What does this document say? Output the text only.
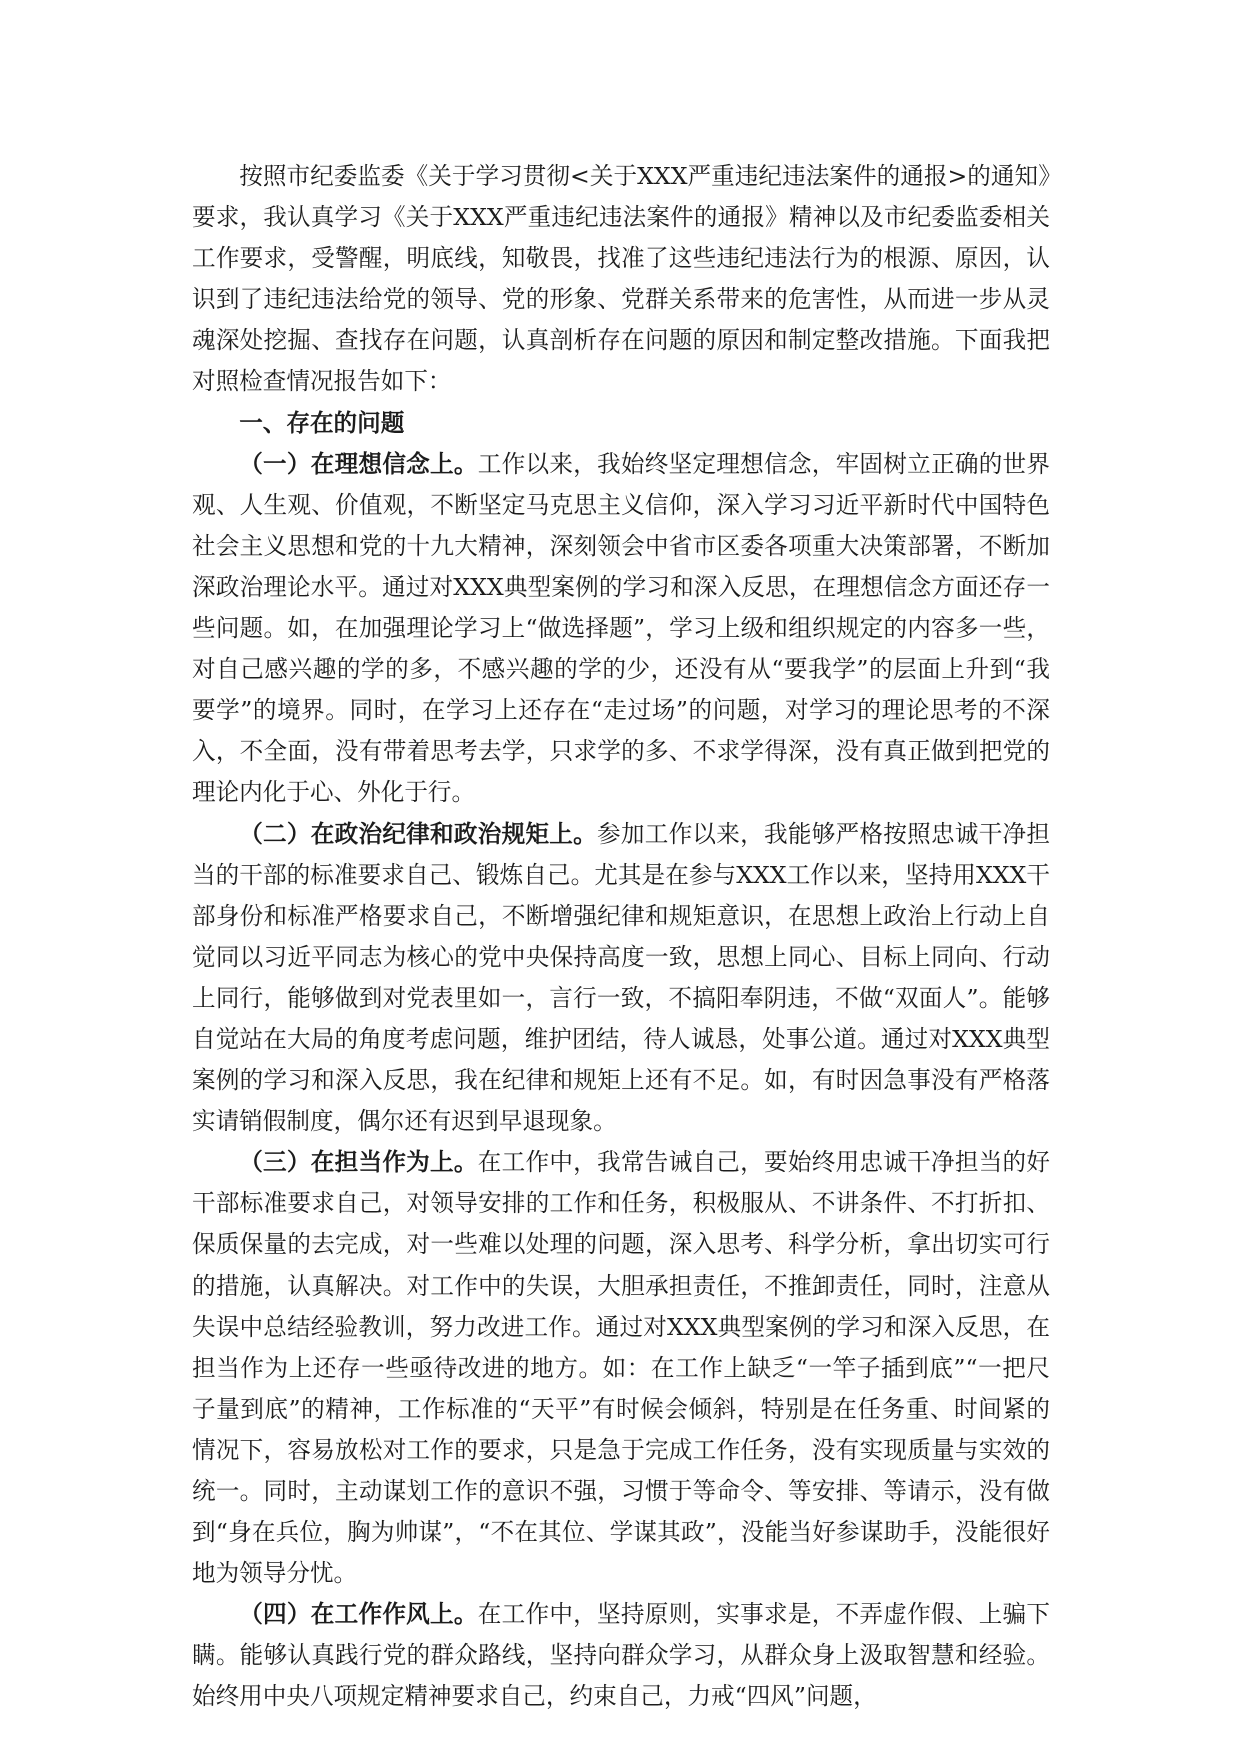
按照市纪委监委《关于学习贯彻<关于XXX严重违纪违法案件的通报>的通知》要求，我认真学习《关于XXX严重违纪违法案件的通报》精神以及市纪委监委相关工作要求，受警醒，明底线，知敬畏，找准了这些违纪违法行为的根源、原因，认识到了违纪违法给党的领导、党的形象、党群关系带来的危害性，从而进一步从灵魂深处挖掘、查找存在问题，认真剖析存在问题的原因和制定整改措施。下面我把对照检查情况报告如下：

一、存在的问题

（一）在理想信念上。工作以来，我始终坚定理想信念，牢固树立正确的世界观、人生观、价值观，不断坚定马克思主义信仰，深入学习习近平新时代中国特色社会主义思想和党的十九大精神，深刻领会中省市区委各项重大决策部署，不断加深政治理论水平。通过对XXX典型案例的学习和深入反思，在理想信念方面还存一些问题。如，在加强理论学习上“做选择题”，学习上级和组织规定的内容多一些，对自己感兴趣的学的多，不感兴趣的学的少，还没有从“要我学”的层面上升到“我要学”的境界。同时，在学习上还存在“走过场”的问题，对学习的理论思考的不深入，不全面，没有带着思考去学，只求学的多、不求学得深，没有真正做到把党的理论内化于心、外化于行。

（二）在政治纪律和政治规矩上。参加工作以来，我能够严格按照忠诚干净担当的干部的标准要求自己、锻炼自己。尤其是在参与XXX工作以来，坚持用XXX干部身份和标准严格要求自己，不断增强纪律和规矩意识，在思想上政治上行动上自觉同以习近平同志为核心的党中央保持高度一致，思想上同心、目标上同向、行动上同行，能够做到对党表里如一，言行一致，不搞阳奉阴违，不做“双面人”。能够自觉站在大局的角度考虑问题，维护团结，待人诚恳，处事公道。通过对XXX典型案例的学习和深入反思，我在纪律和规矩上还有不足。如，有时因急事没有严格落实请销假制度，偶尔还有迟到早退现象。

（三）在担当作为上。在工作中，我常告诫自己，要始终用忠诚干净担当的好干部标准要求自己，对领导安排的工作和任务，积极服从、不讲条件、不打折扣、保质保量的去完成，对一些难以处理的问题，深入思考、科学分析，拿出切实可行的措施，认真解决。对工作中的失误，大胆承担责任，不推卸责任，同时，注意从失误中总结经验教训，努力改进工作。通过对XXX典型案例的学习和深入反思，在担当作为上还存一些亟待改进的地方。如：在工作上缺乏“一竿子插到底”“一把尺子量到底”的精神，工作标准的“天平”有时候会倾斜，特别是在任务重、时间紧的情况下，容易放松对工作的要求，只是急于完成工作任务，没有实现质量与实效的统一。同时，主动谋划工作的意识不强，习惯于等命令、等安排、等请示，没有做到“身在兵位，胸为帅谋”，“不在其位、学谋其政”，没能当好参谋助手，没能很好地为领导分忧。

（四）在工作作风上。在工作中，坚持原则，实事求是，不弄虚作假、上骗下瞒。能够认真践行党的群众路线，坚持向群众学习，从群众身上汲取智慧和经验。始终用中央八项规定精神要求自己，约束自己，力戒“四风”问题，
